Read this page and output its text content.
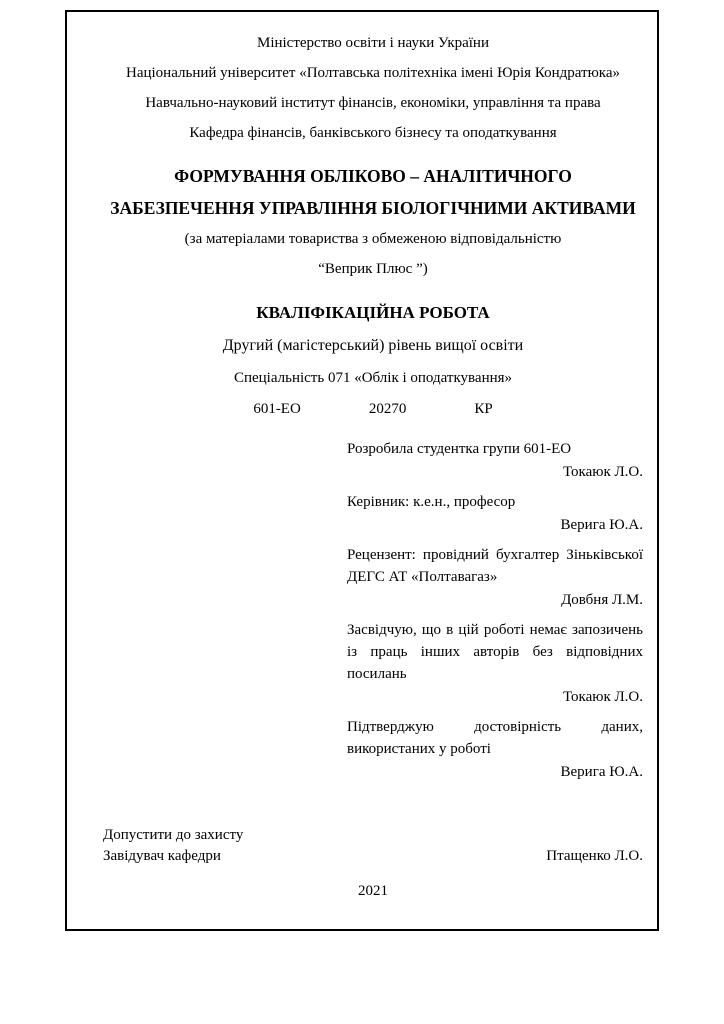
Міністерство освіти і науки України
Національний університет «Полтавська політехніка імені Юрія Кондратюка»
Навчально-науковий інститут фінансів, економіки, управління та права
Кафедра фінансів, банківського бізнесу та оподаткування
ФОРМУВАННЯ ОБЛІКОВО – АНАЛІТИЧНОГО
ЗАБЕЗПЕЧЕННЯ УПРАВЛІННЯ БІОЛОГІЧНИМИ АКТИВАМИ
(за матеріалами товариства з обмеженою відповідальністю
“Веприк Плюс ”)
КВАЛІФІКАЦІЙНА РОБОТА
Другий (магістерський) рівень вищої освіти
Спеціальність 071 «Облік і оподаткування»
601-ЕО	20270	КР

Розробила студентка групи 601-ЕО

Токаюк Л.О.

Керівник: к.е.н., професор

Верига Ю.А.

Рецензент: провідний бухгалтер Зіньківської ДЕГС АТ «Полтавагаз»

Довбня Л.М.

Засвідчую, що в цій роботі немає запозичень із праць інших авторів без відповідних посилань

Токаюк Л.О.

Підтверджую достовірність даних, використаних у роботі

Верига Ю.А.

Допустити до захисту

Завідувач кафедри	Птащенко Л.О.
2021
